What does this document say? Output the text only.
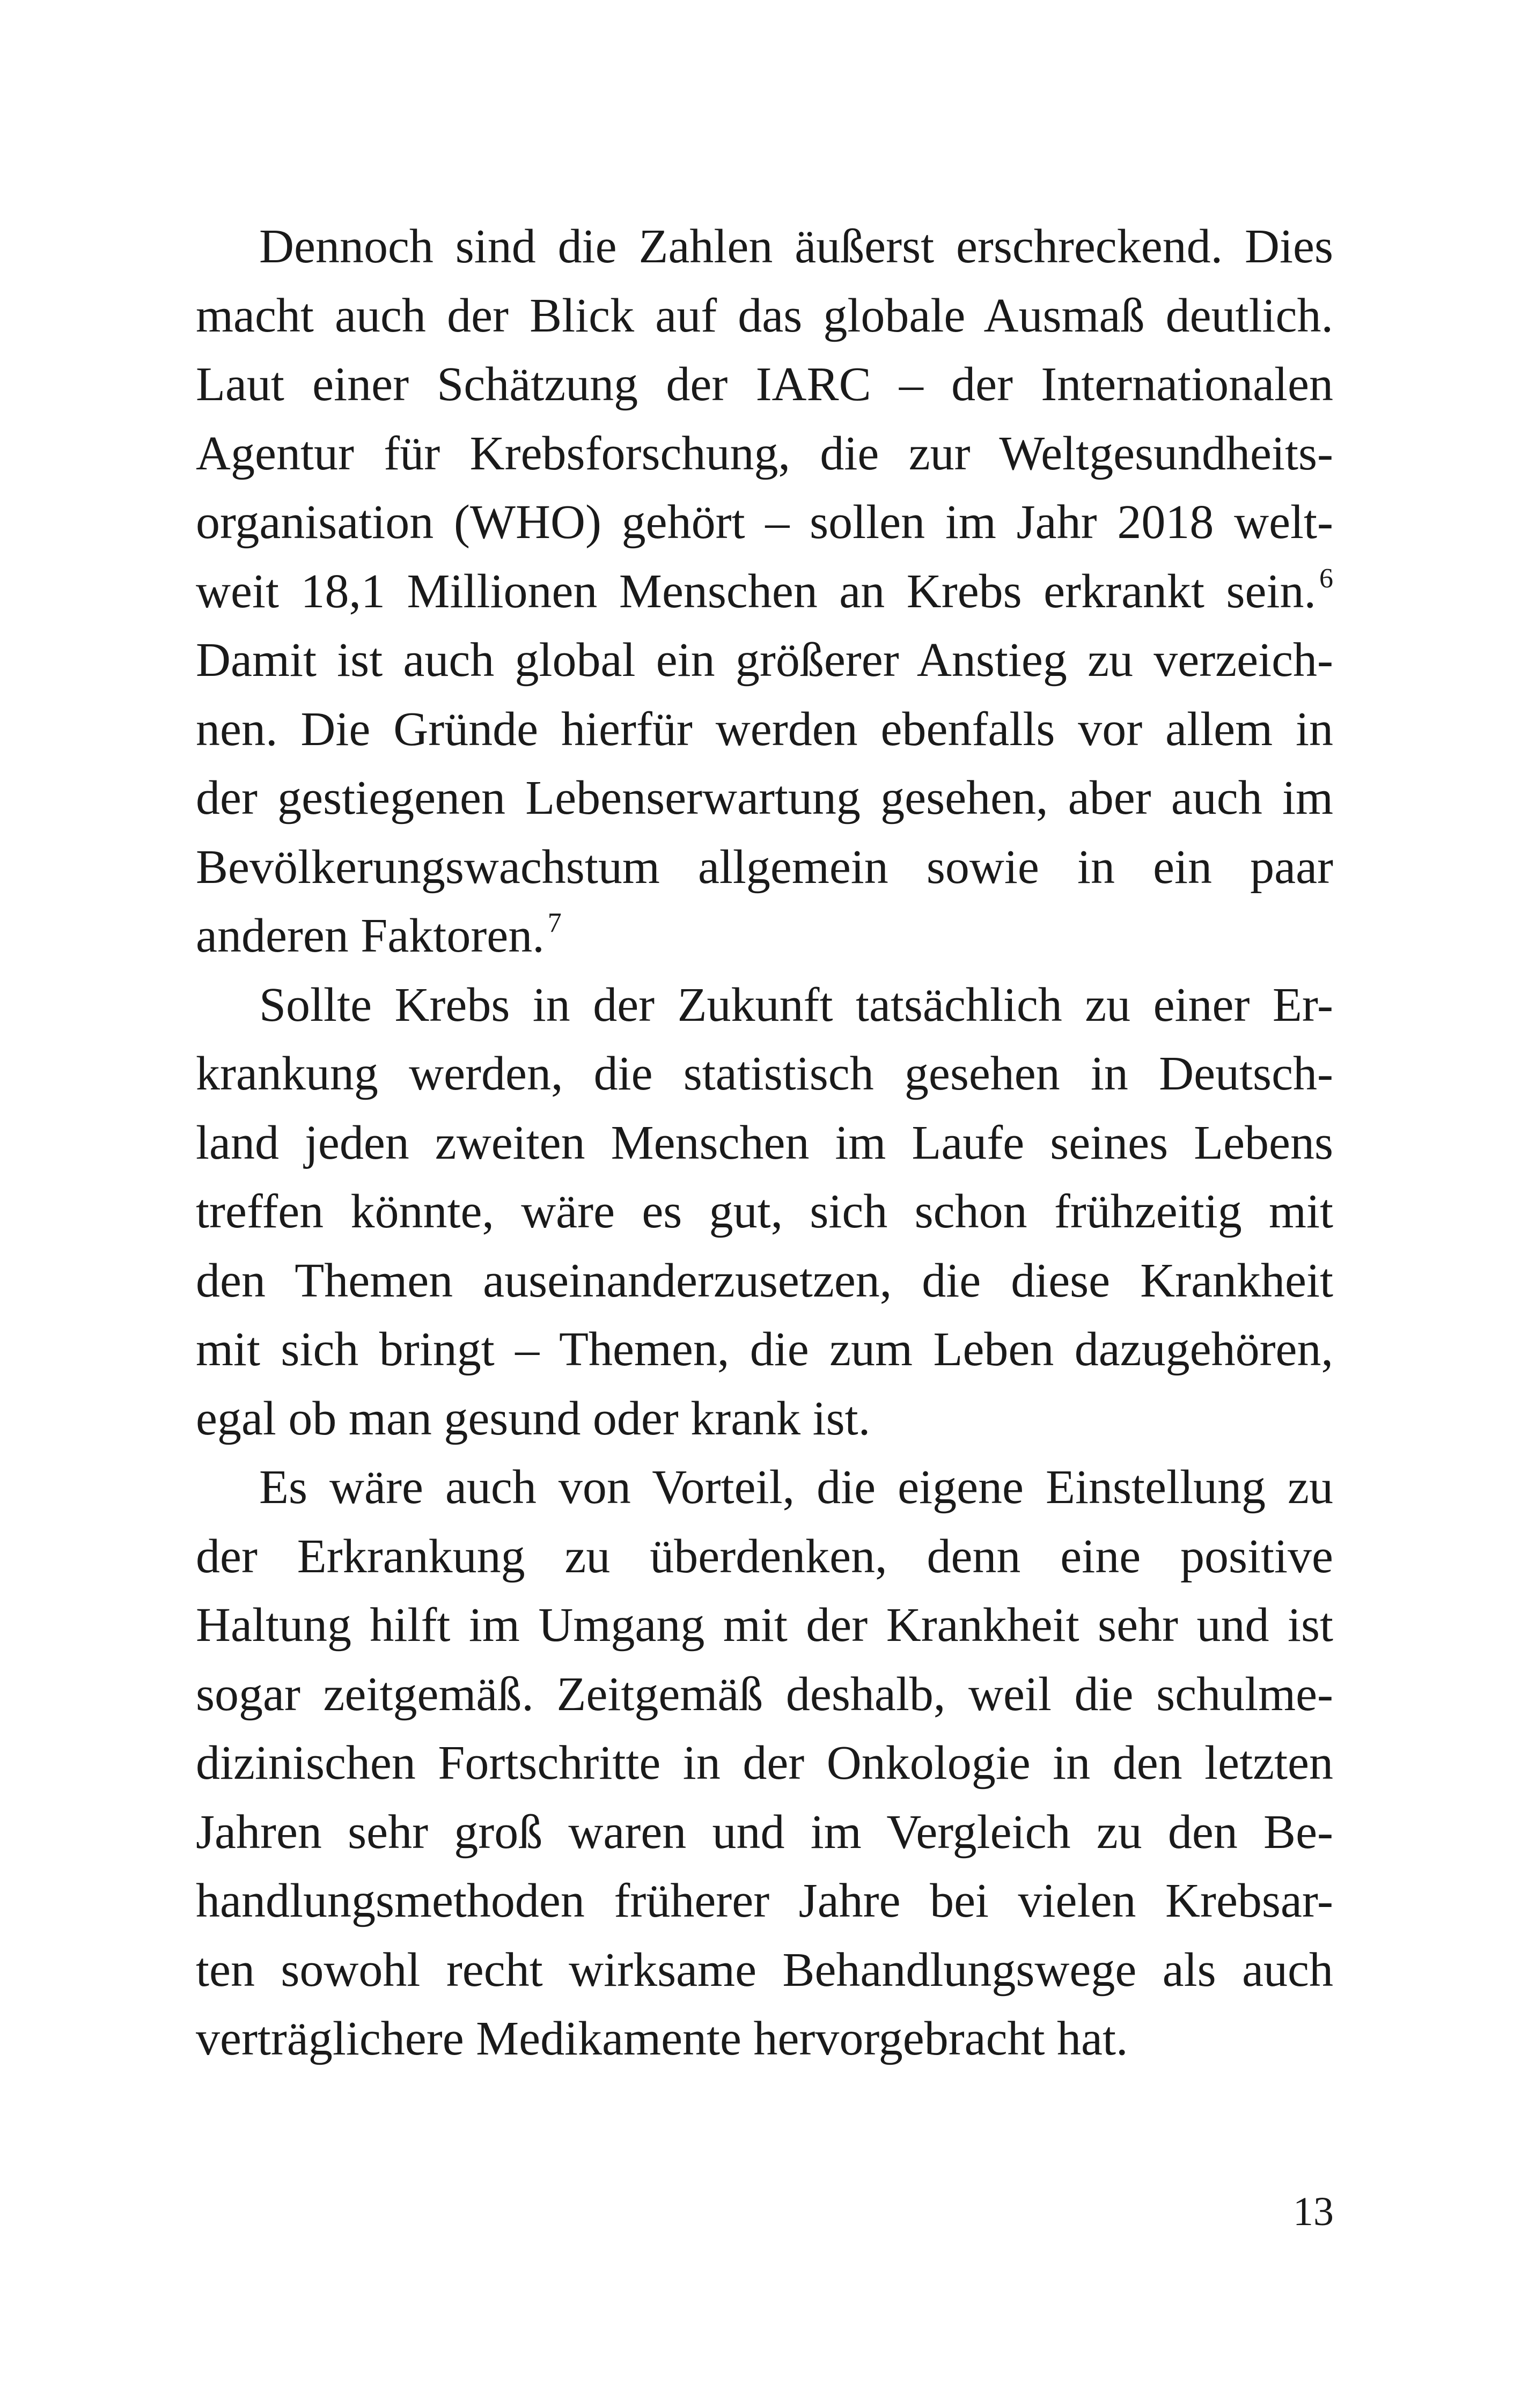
Dennoch sind die Zahlen äußerst erschreckend. Dies
macht auch der Blick auf das globale Ausmaß deutlich.
Laut einer Schätzung der IARC – der Internationalen
Agentur für Krebsforschung, die zur Weltgesundheits-
organisation (WHO) gehört – sollen im Jahr 2018 welt-
weit 18,1 Millionen Menschen an Krebs erkrankt sein. $^6$
Damit ist auch global ein größerer Anstieg zu verzeich-
nen. Die Gründe hierfür werden ebenfalls vor allem in
der gestiegenen Lebenserwartung gesehen, aber auch im
Bevölkerungswachstum allgemein sowie in ein paar
anderen Faktoren. $^7$
Sollte Krebs in der Zukunft tatsächlich zu einer Er-
krankung werden, die statistisch gesehen in Deutsch-
land jeden zweiten Menschen im Laufe seines Lebens
treffen könnte, wäre es gut, sich schon frühzeitig mit
den Themen auseinanderzusetzen, die diese Krankheit
mit sich bringt – Themen, die zum Leben dazugehören,
egal ob man gesund oder krank ist.
Es wäre auch von Vorteil, die eigene Einstellung zu
der Erkrankung zu überdenken, denn eine positive
Haltung hilft im Umgang mit der Krankheit sehr und ist
sogar zeitgemäß. Zeitgemäß deshalb, weil die schulme-
dizinischen Fortschritte in der Onkologie in den letzten
Jahren sehr groß waren und im Vergleich zu den Be-
handlungsmethoden früherer Jahre bei vielen Krebsar-
ten sowohl recht wirksame Behandlungswege als auch
verträglichere Medikamente hervorgebracht hat.
13
